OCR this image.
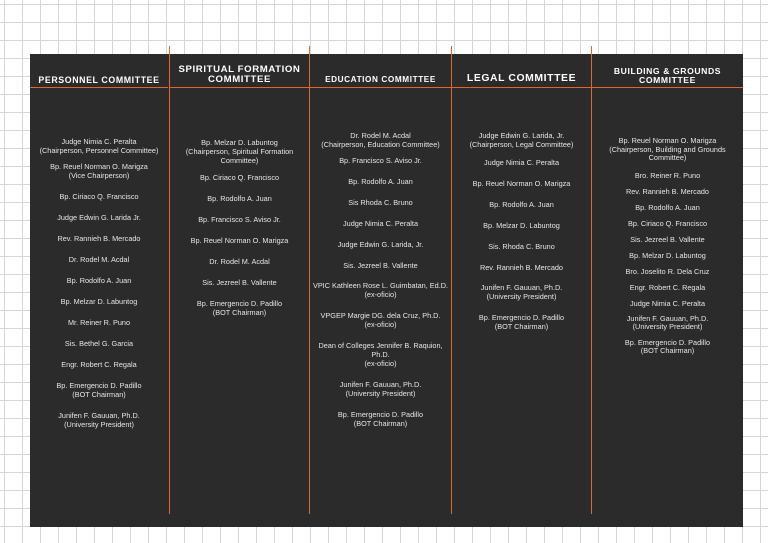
PERSONNEL COMMITTEE
Judge Nimia C. Peralta
(Chairperson, Personnel Committee)
Bp. Reuel Norman O. Marigza
(Vice Chairperson)
Bp. Ciriaco Q. Francisco
Judge Edwin G. Larida Jr.
Rev. Rannieh B. Mercado
Dr. Rodel M. Acdal
Bp. Rodolfo A. Juan
Bp. Melzar D. Labuntog
Mr. Reiner R. Puno
Sis. Bethel G. Garcia
Engr. Robert C. Regala
Bp. Emergencio D. Padillo
(BOT Chairman)
Junifen F. Gauuan, Ph.D.
(University President)
SPIRITUAL FORMATION
COMMITTEE
Bp. Melzar D. Labuntog
(Chairperson, Spiritual Formation
Committee)
Bp. Ciriaco Q. Francisco
Bp. Rodolfo A. Juan
Bp. Francisco S. Aviso Jr.
Bp. Reuel Norman O. Marigza
Dr. Rodel M. Acdal
Sis. Jezreel B. Vallente
Bp. Emergencio D. Padillo
(BOT Chairman)
EDUCATION COMMITTEE
Dr. Rodel M. Acdal
(Chairperson, Education Committee)
Bp. Francisco S. Aviso Jr.
Bp. Rodolfo A. Juan
Sis Rhoda C. Bruno
Judge Nimia C. Peralta
Judge Edwin G. Larida, Jr.
Sis. Jezreel B. Vallente
VPIC Kathleen Rose L. Guimbatan, Ed.D.
(ex-oficio)
VPGEP Margie DG. dela Cruz, Ph.D.
(ex-oficio)
Dean of Colleges Jennifer B. Raquion,
Ph.D.
(ex-oficio)
Junifen F. Gauuan, Ph.D.
(University President)
Bp. Emergencio D. Padillo
(BOT Chairman)
LEGAL COMMITTEE
Judge Edwin G. Larida, Jr.
(Chairperson, Legal Committee)
Judge Nimia C. Peralta
Bp. Reuel Norman O. Marigza
Bp. Rodolfo A. Juan
Bp. Melzar D. Labuntog
Sis. Rhoda C. Bruno
Rev. Rannieh B. Mercado
Junifen F. Gauuan, Ph.D.
(University President)
Bp. Emergencio D. Padillo
(BOT Chairman)
BUILDING & GROUNDS
COMMITTEE
Bp. Reuel Norman O. Marigza
(Chairperson, Building and Grounds
Committee)
Bro. Reiner R. Puno
Rev. Rannieh B. Mercado
Bp. Rodolfo A. Juan
Bp. Ciriaco Q. Francisco
Sis. Jezreel B. Vallente
Bp. Melzar D. Labuntog
Bro. Joselito R. Dela Cruz
Engr. Robert C. Regala
Judge Nimia C. Peralta
Junifen F. Gauuan, Ph.D.
(University President)
Bp. Emergencio D. Padillo
(BOT Chairman)
